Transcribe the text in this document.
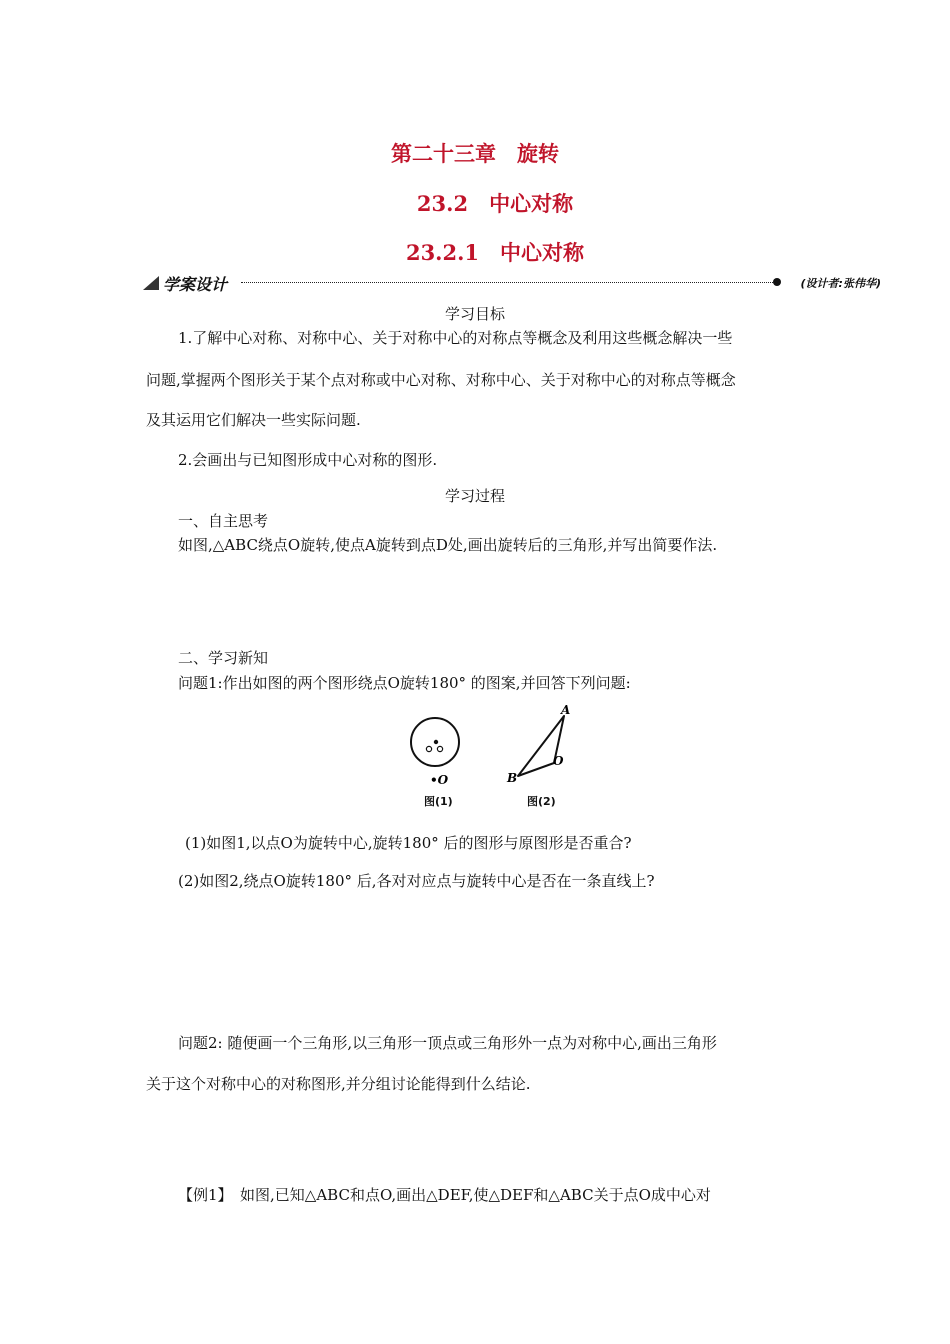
第二十三章　旋转
23.2　中心对称
23.2.1　中心对称
学案设计	(设计者:张伟华)
学习目标
1.了解中心对称、对称中心、关于对称中心的对称点等概念及利用这些概念解决一些
问题,掌握两个图形关于某个点对称或中心对称、对称中心、关于对称中心的对称点等概念
及其运用它们解决一些实际问题.
2.会画出与已知图形成中心对称的图形.
学习过程
一、自主思考
如图,△ABC绕点O旋转,使点A旋转到点D处,画出旋转后的三角形,并写出简要作法.
二、学习新知
问题1:作出如图的两个图形绕点O旋转180° 的图案,并回答下列问题:
•O
图(1)
A
B
O
图(2)
(1)如图1,以点O为旋转中心,旋转180° 后的图形与原图形是否重合?
(2)如图2,绕点O旋转180° 后,各对对应点与旋转中心是否在一条直线上?
问题2: 随便画一个三角形,以三角形一顶点或三角形外一点为对称中心,画出三角形
关于这个对称中心的对称图形,并分组讨论能得到什么结论.
【例1】　如图,已知△ABC和点O,画出△DEF,使△DEF和△ABC关于点O成中心对
